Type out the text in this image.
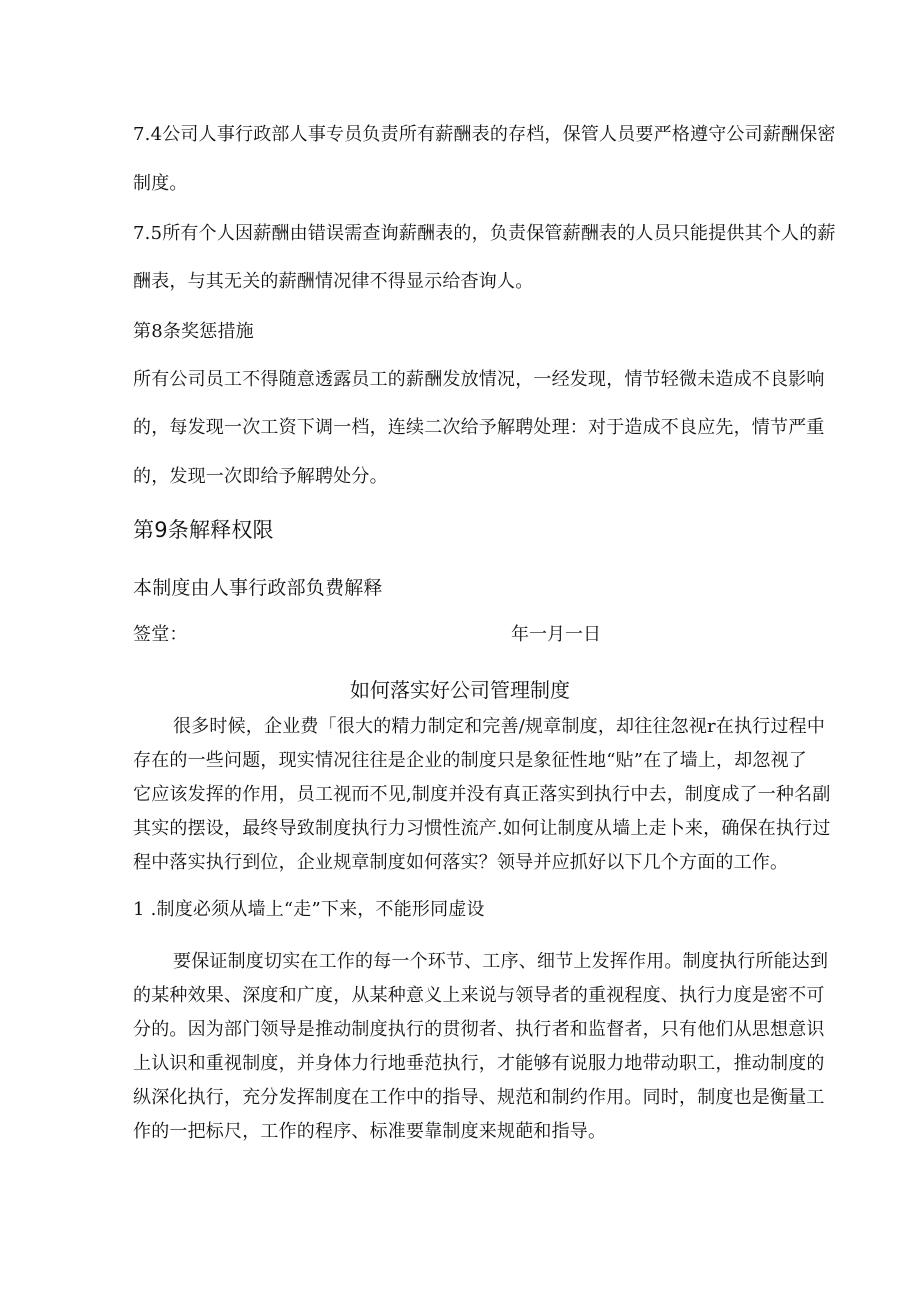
7.4公司人事行政部人事专员负责所有薪酬表的存档，保管人员要严格遵守公司薪酬保密
制度。
7.5所有个人因薪酬由错误需查询薪酬表的，负责保管薪酬表的人员只能提供其个人的薪
酬表，与其无关的薪酬情况律不得显示给杳询人。
第8条奖惩措施
所有公司员工不得随意透露员工的薪酬发放情况，一经发现，情节轻微未造成不良影响
的，每发现一次工资下调一档，连续二次给予解聘处理：对于造成不良应先，情节严重
的，发现一次即给予解聘处分。
第9条解释权限
本制度由人事行政部负费解释
签堂：	年一月一日
如何落实好公司管理制度
很多时候，企业费「很大的精力制定和完善/规章制度，却往往忽视r在执行过程中
存在的一些问题，现实情况往往是企业的制度只是象征性地“贴”在了墙上，却忽视了
它应该发挥的作用，员工视而不见,制度并没有真正落实到执行中去，制度成了一种名副
其实的摆设，最终导致制度执行力习惯性流产.如何让制度从墙上走卜来，确保在执行过
程中落实执行到位，企业规章制度如何落实？领导并应抓好以下几个方面的工作。
1 .制度必须从墙上“走”下来，不能形同虚设
要保证制度切实在工作的每一个环节、工序、细节上发挥作用。制度执行所能达到
的某种效果、深度和广度，从某种意义上来说与领导者的重视程度、执行力度是密不可
分的。因为部门领导是推动制度执行的贯彻者、执行者和监督者，只有他们从思想意识
上认识和重视制度，并身体力行地垂范执行，才能够有说服力地带动职工，推动制度的
纵深化执行，充分发挥制度在工作中的指导、规范和制约作用。同时，制度也是衡量工
作的一把标尺，工作的程序、标准要靠制度来规葩和指导。
